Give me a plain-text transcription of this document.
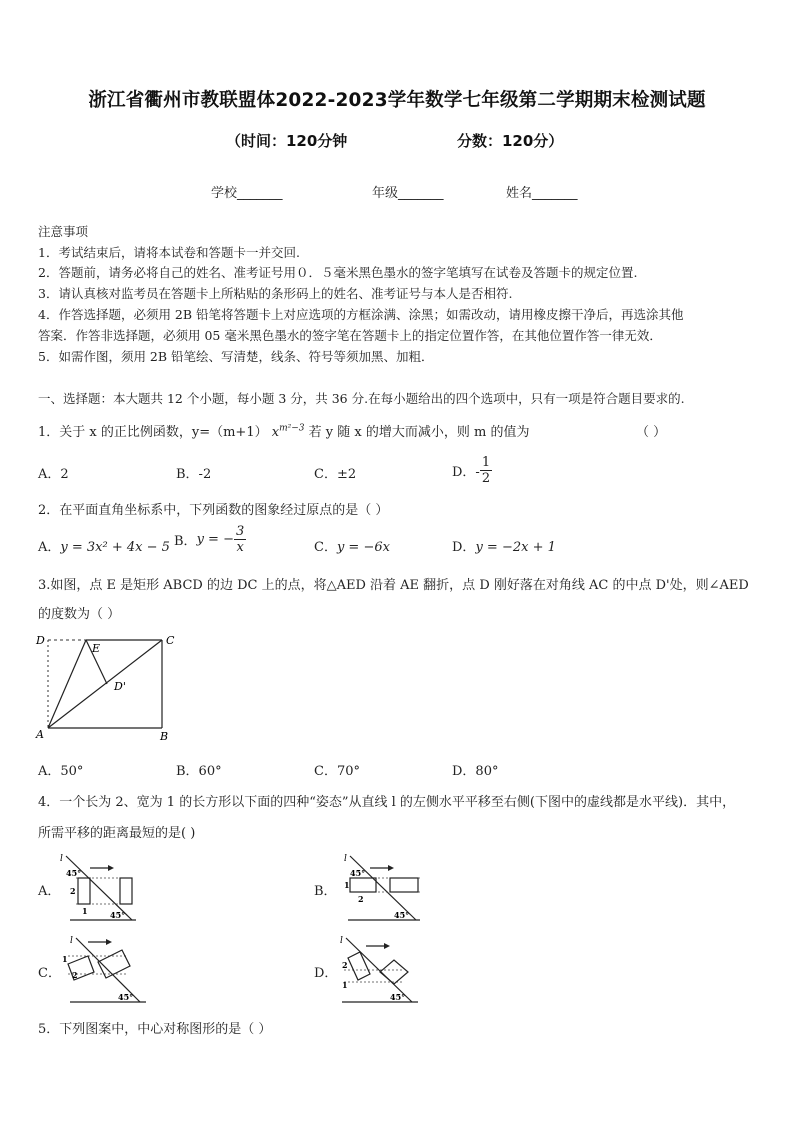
浙江省衢州市教联盟体2022-2023学年数学七年级第二学期期末检测试题
（时间：120分钟	分数：120分）
学校_______	年级_______	姓名_______
注意事项
1．考试结束后，请将本试卷和答题卡一并交回.
2．答题前，请务必将自己的姓名、准考证号用０．５毫米黑色墨水的签字笔填写在试卷及答题卡的规定位置.
3．请认真核对监考员在答题卡上所粘贴的条形码上的姓名、准考证号与本人是否相符.
4．作答选择题，必须用 2B 铅笔将答题卡上对应选项的方框涂满、涂黑；如需改动，请用橡皮擦干净后，再选涂其他
答案．作答非选择题，必须用 05 毫米黑色墨水的签字笔在答题卡上的指定位置作答，在其他位置作答一律无效．
5．如需作图，须用 2B 铅笔绘、写清楚，线条、符号等须加黑、加粗．
一、选择题：本大题共 12 个小题，每小题 3 分，共 36 分.在每小题给出的四个选项中，只有一项是符合题目要求的.
1．关于 x 的正比例函数，y=（m+1） $x^{m^2-3}$ 若 y 随 x 的增大而减小，则 m 的值为	（ ）
A．2	B．-2	C．±2	D．- $\frac{1}{2}$
2．在平面直角坐标系中，下列函数的图象经过原点的是（ ）
A．y = 3x² + 4x − 5 B．y = − $\frac{3}{x}$	C．y = −6x	D．y = −2x + 1
3.如图，点 E 是矩形 ABCD 的边 DC 上的点，将△AED 沿着 AE 翻折，点 D 刚好落在对角线 AC 的中点 D'处，则∠AED
的度数为（ ）
D
E
C
D'
A	B
A．50°	B．60°	C．70°	D．80°
4．一个长为 2、宽为 1 的长方形以下面的四种“姿态”从直线 l 的左侧水平平移至右侧(下图中的虚线都是水平线)．其中，
所需平移的距离最短的是( )
A．
l
45°
2
1	45°
B．
l
45°
1
2
45°
C．
l
1
2
45°
D．
l
2
1
45°
5．下列图案中，中心对称图形的是（ ）
